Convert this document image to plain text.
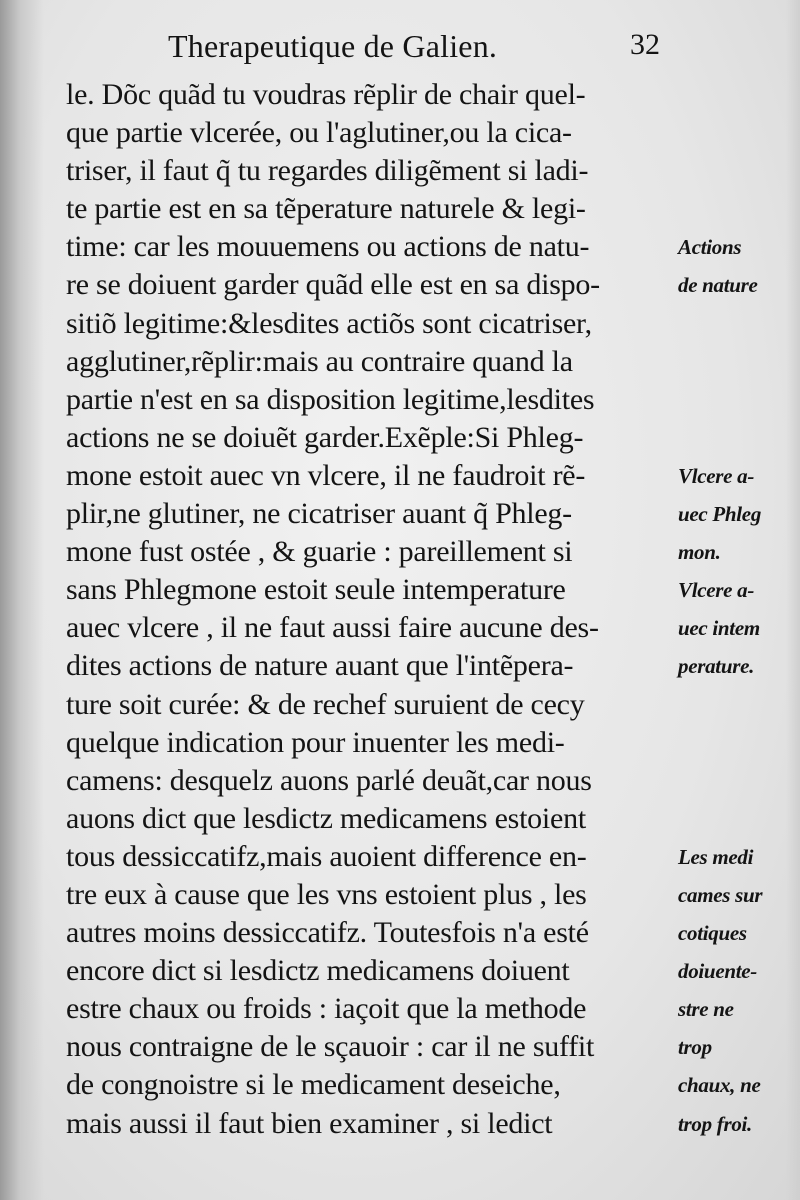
Therapeutique de Galien.	32
le. Dõc quãd tu voudras rẽplir de chair quel-
que partie vlcerée, ou l'aglutiner,ou la cica-
triser, il faut q̃ tu regardes diligẽment si ladi-
te partie est en sa tẽperature naturele & legi-
time: car les mouuemens ou actions de natu-
re se doiuent garder quãd elle est en sa dispo-
sitiõ legitime:&lesdites actiõs sont cicatriser,
agglutiner,rẽplir:mais au contraire quand la
partie n'est en sa disposition legitime,lesdites
actions ne se doiuẽt garder.Exẽple:Si Phleg-
mone estoit auec vn vlcere, il ne faudroit rẽ-
plir,ne glutiner, ne cicatriser auant q̃ Phleg-
mone fust ostée , & guarie : pareillement si
sans Phlegmone estoit seule intemperature
auec vlcere , il ne faut aussi faire aucune des-
dites actions de nature auant que l'intẽpera-
ture soit curée: & de rechef suruient de cecy
quelque indication pour inuenter les medi-
camens: desquelz auons parlé deuãt,car nous
auons dict que lesdictz medicamens estoient
tous dessiccatifz,mais auoient difference en-
tre eux à cause que les vns estoient plus , les
autres moins dessiccatifz. Toutesfois n'a esté
encore dict si lesdictz medicamens doiuent
estre chaux ou froids : iaçoit que la methode
nous contraigne de le sçauoir : car il ne suffit
de congnoistre si le medicament deseiche,
mais aussi il faut bien examiner , si ledict
Actions
de nature
Vlcere a-
uec Phleg
mon.
Vlcere a-
uec intem
perature.
Les medi
cames sur
cotiques
doiuente-
stre ne
trop
chaux, ne
trop froi.
